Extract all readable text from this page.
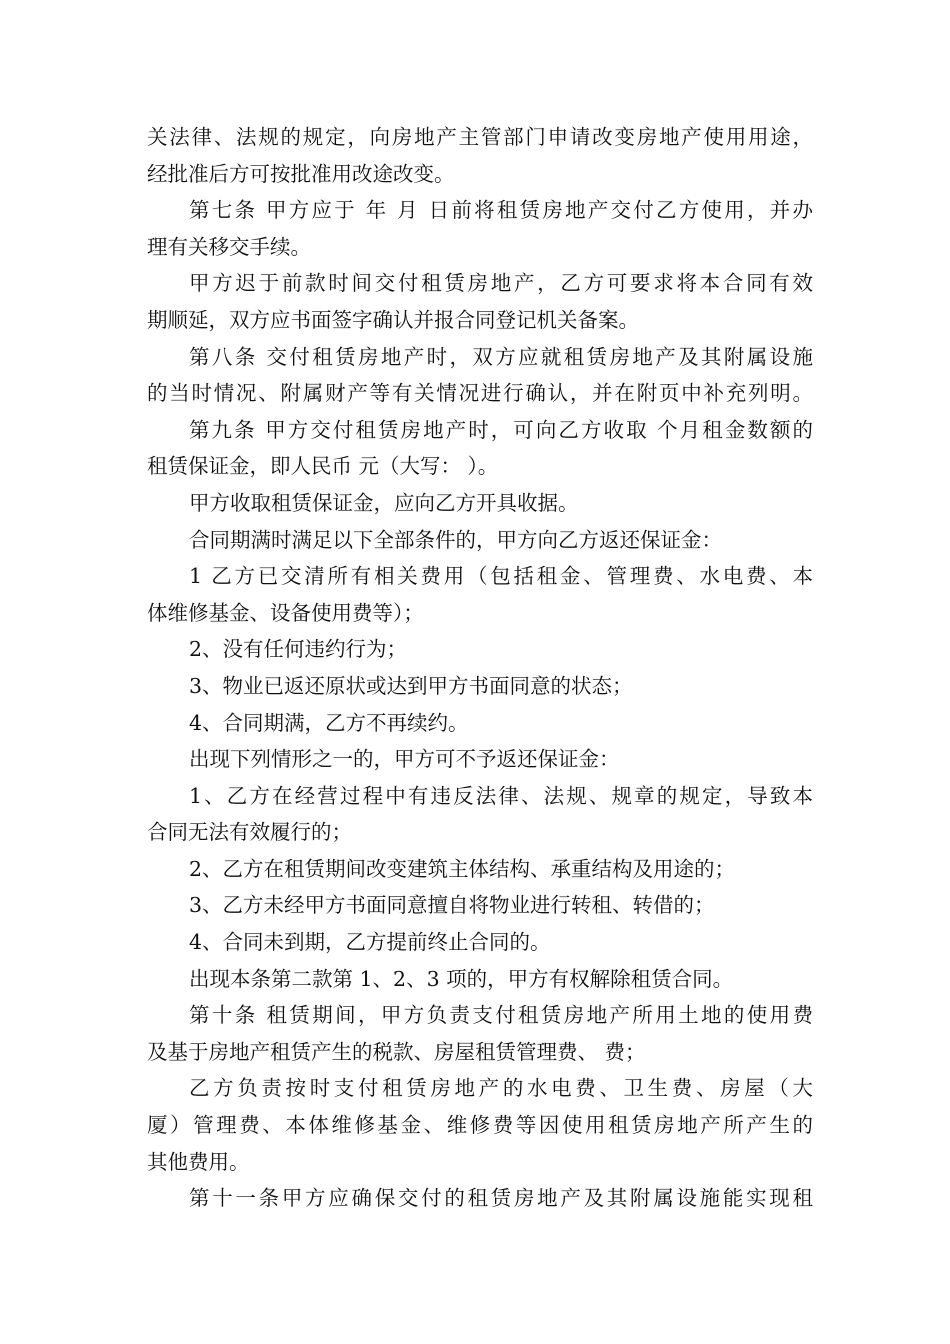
关法律、法规的规定，向房地产主管部门申请改变房地产使用用途，
经批准后方可按批准用改途改变。
第七条 甲方应于 年 月 日前将租赁房地产交付乙方使用，并办
理有关移交手续。
甲方迟于前款时间交付租赁房地产，乙方可要求将本合同有效
期顺延，双方应书面签字确认并报合同登记机关备案。
第八条 交付租赁房地产时，双方应就租赁房地产及其附属设施
的当时情况、附属财产等有关情况进行确认，并在附页中补充列明。
第九条 甲方交付租赁房地产时，可向乙方收取 个月租金数额的
租赁保证金，即人民币 元（大写： ）。
甲方收取租赁保证金，应向乙方开具收据。
合同期满时满足以下全部条件的，甲方向乙方返还保证金：
1 乙方已交清所有相关费用（包括租金、管理费、水电费、本
体维修基金、设备使用费等）；
2、没有任何违约行为；
3、物业已返还原状或达到甲方书面同意的状态；
4、合同期满，乙方不再续约。
出现下列情形之一的，甲方可不予返还保证金：
1、乙方在经营过程中有违反法律、法规、规章的规定，导致本
合同无法有效履行的；
2、乙方在租赁期间改变建筑主体结构、承重结构及用途的；
3、乙方未经甲方书面同意擅自将物业进行转租、转借的；
4、合同未到期，乙方提前终止合同的。
出现本条第二款第 1、2、3 项的，甲方有权解除租赁合同。
第十条 租赁期间，甲方负责支付租赁房地产所用土地的使用费
及基于房地产租赁产生的税款、房屋租赁管理费、 费；
乙方负责按时支付租赁房地产的水电费、卫生费、房屋（大
厦）管理费、本体维修基金、维修费等因使用租赁房地产所产生的
其他费用。
第十一条甲方应确保交付的租赁房地产及其附属设施能实现租
